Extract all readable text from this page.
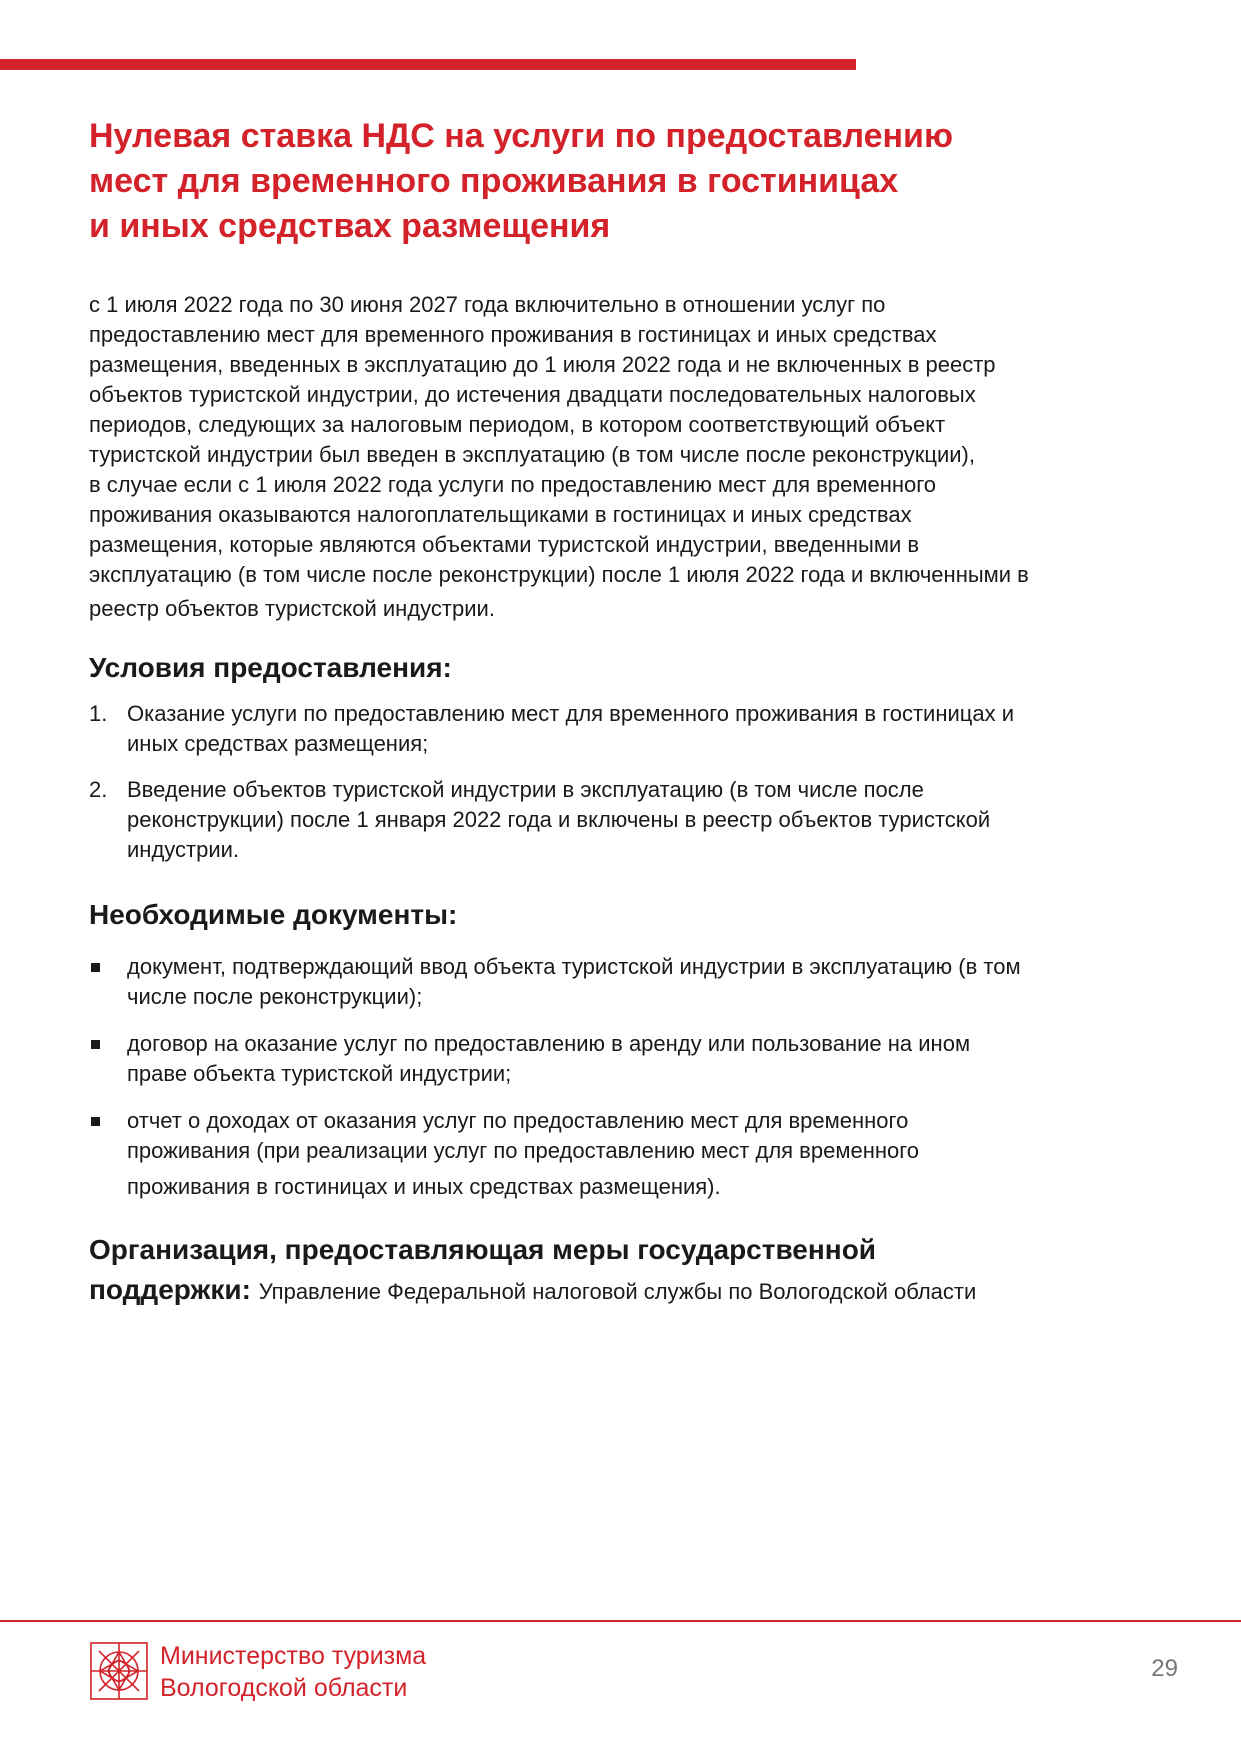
Нулевая ставка НДС на услуги по предоставлению
мест для временного проживания в гостиницах
и иных средствах размещения

с 1 июля 2022 года по 30 июня 2027 года включительно в отношении услуг по
предоставлению мест для временного проживания в гостиницах и иных средствах
размещения, введенных в эксплуатацию до 1 июля 2022 года и не включенных в реестр
объектов туристской индустрии, до истечения двадцати последовательных налоговых
периодов, следующих за налоговым периодом, в котором соответствующий объект
туристской индустрии был введен в эксплуатацию (в том числе после реконструкции),
в случае если с 1 июля 2022 года услуги по предоставлению мест для временного
проживания оказываются налогоплательщиками в гостиницах и иных средствах
размещения, которые являются объектами туристской индустрии, введенными в
эксплуатацию (в том числе после реконструкции) после 1 июля 2022 года и включенными в
реестр объектов туристской индустрии.

Условия предоставления:
1. Оказание услуги по предоставлению мест для временного проживания в гостиницах и
иных средствах размещения;
2. Введение объектов туристской индустрии в эксплуатацию (в том числе после
реконструкции) после 1 января 2022 года и включены в реестр объектов туристской
индустрии.
Необходимые документы:
документ, подтверждающий ввод объекта туристской индустрии в эксплуатацию (в том
числе после реконструкции);
договор на оказание услуг по предоставлению в аренду или пользование на ином
праве объекта туристской индустрии;
отчет о доходах от оказания услуг по предоставлению мест для временного
проживания (при реализации услуг по предоставлению мест для временного
проживания в гостиницах и иных средствах размещения).
Организация, предоставляющая меры государственной
поддержки: Управление Федеральной налоговой службы по Вологодской области
Министерство туризма
Вологодской области
29
